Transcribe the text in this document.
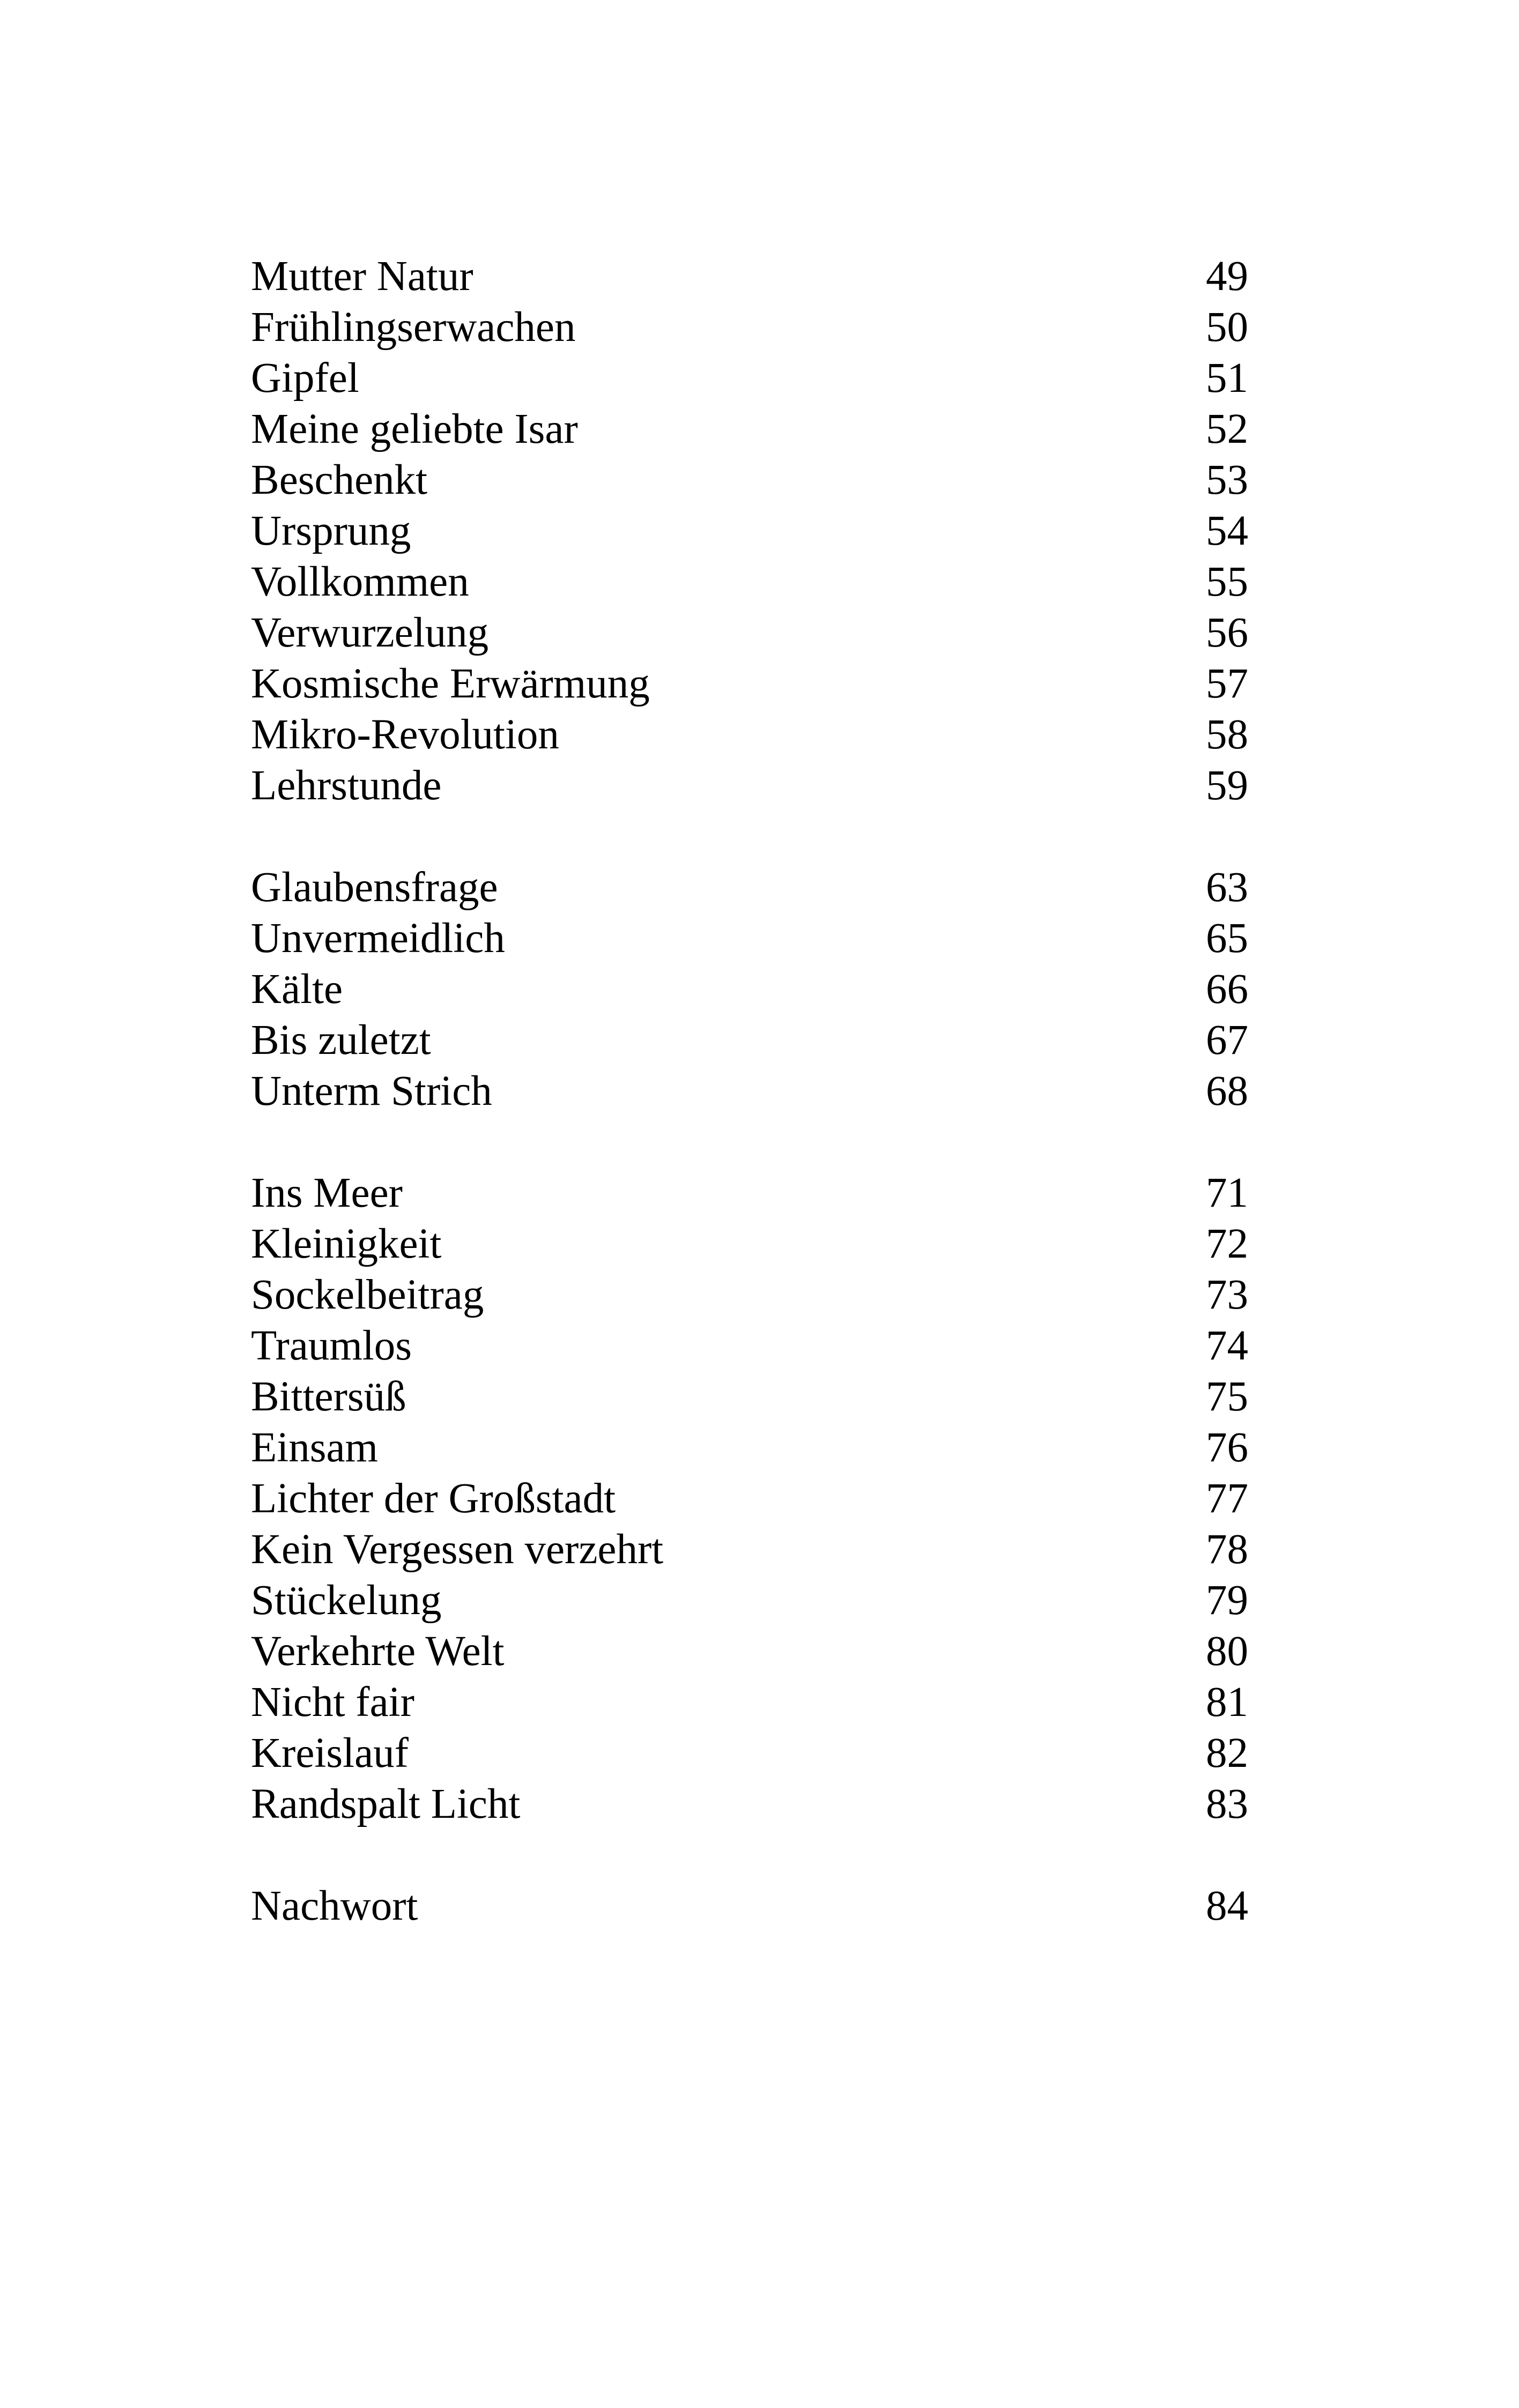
Mutter Natur	49
Frühlingserwachen	50
Gipfel	51
Meine geliebte Isar	52
Beschenkt	53
Ursprung	54
Vollkommen	55
Verwurzelung	56
Kosmische Erwärmung	57
Mikro-Revolution	58
Lehrstunde	59
Glaubensfrage	63
Unvermeidlich	65
Kälte	66
Bis zuletzt	67
Unterm Strich	68
Ins Meer	71
Kleinigkeit	72
Sockelbeitrag	73
Traumlos	74
Bittersüß	75
Einsam	76
Lichter der Großstadt	77
Kein Vergessen verzehrt	78
Stückelung	79
Verkehrte Welt	80
Nicht fair	81
Kreislauf	82
Randspalt Licht	83
Nachwort	84
